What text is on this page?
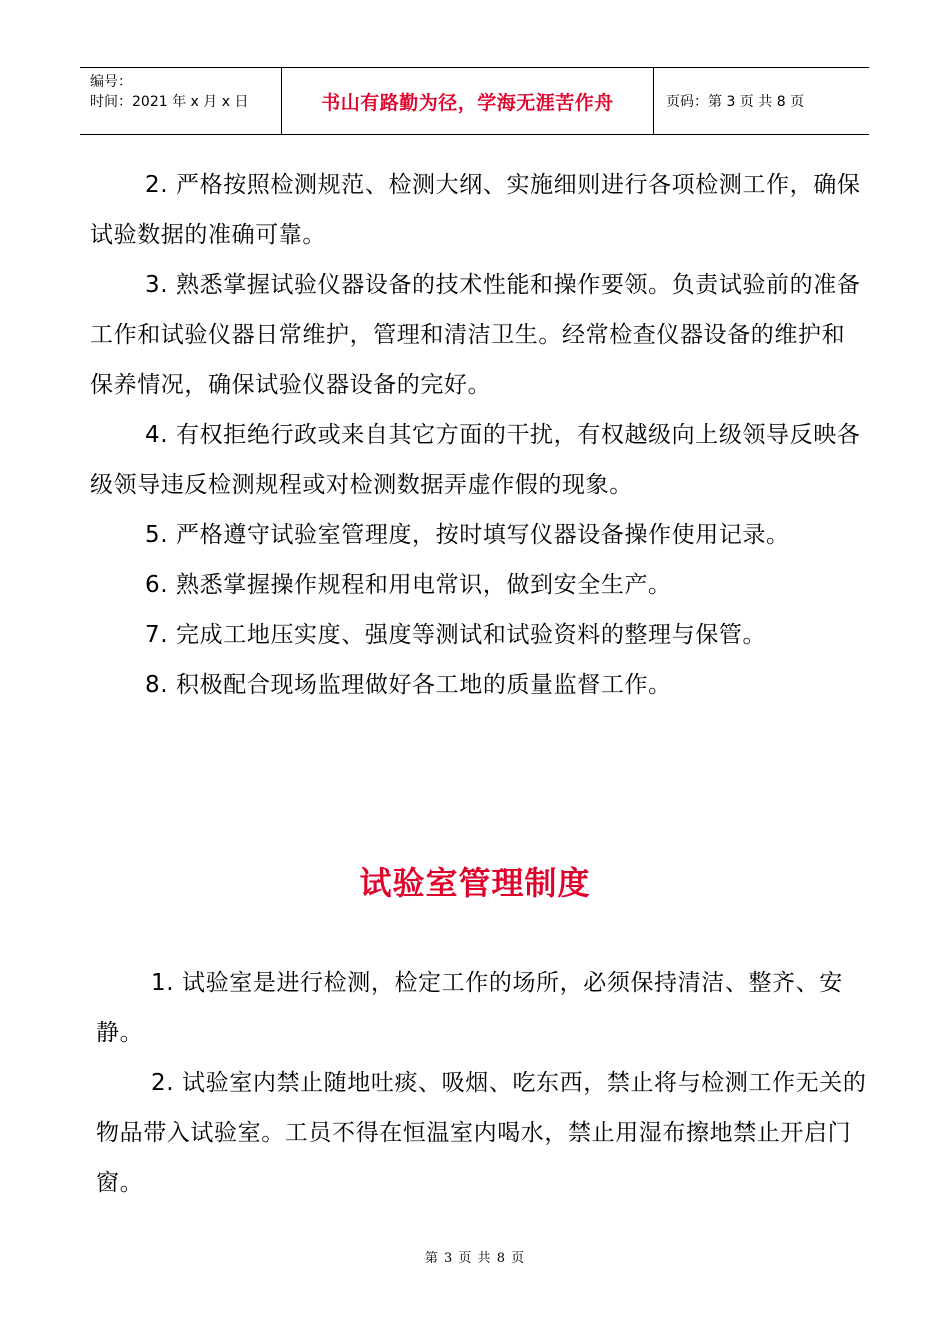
编号：
时间：2021 年 x 月 x 日	书山有路勤为径，学海无涯苦作舟	页码：第 3 页 共 8 页

2. 严格按照检测规范、检测大纲、实施细则进行各项检测工作，确保试验数据的准确可靠。

3. 熟悉掌握试验仪器设备的技术性能和操作要领。负责试验前的准备工作和试验仪器日常维护，管理和清洁卫生。经常检查仪器设备的维护和保养情况，确保试验仪器设备的完好。

4. 有权拒绝行政或来自其它方面的干扰，有权越级向上级领导反映各级领导违反检测规程或对检测数据弄虚作假的现象。

5. 严格遵守试验室管理度，按时填写仪器设备操作使用记录。

6. 熟悉掌握操作规程和用电常识，做到安全生产。

7. 完成工地压实度、强度等测试和试验资料的整理与保管。

8. 积极配合现场监理做好各工地的质量监督工作。

试验室管理制度

1. 试验室是进行检测，检定工作的场所，必须保持清洁、整齐、安静。

2. 试验室内禁止随地吐痰、吸烟、吃东西，禁止将与检测工作无关的物品带入试验室。工员不得在恒温室内喝水，禁止用湿布擦地禁止开启门窗。

第 3 页 共 8 页
